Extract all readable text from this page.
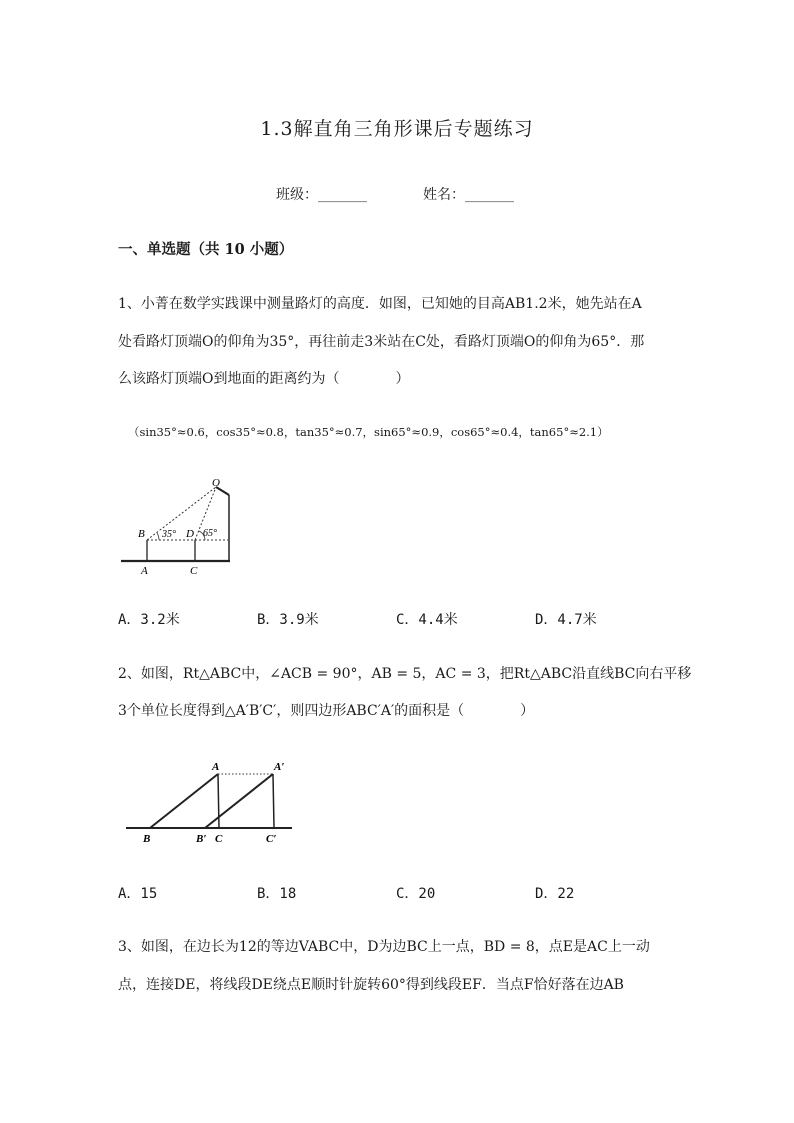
1.3解直角三角形课后专题练习
班级：_______	姓名：_______
一、单选题（共 10 小题）
1、小菁在数学实践课中测量路灯的高度．如图，已知她的目高AB1.2米，她先站在A
处看路灯顶端O的仰角为35°，再往前走3米站在C处，看路灯顶端O的仰角为65°．那
么该路灯顶端O到地面的距离约为（　　　　）
（sin35°≈0.6，cos35°≈0.8，tan35°≈0.7，sin65°≈0.9，cos65°≈0.4，tan65°≈2.1）
O
B	D
A	C
35°	65°
A．3.2米	B．3.9米	C．4.4米	D．4.7米
2、如图，Rt△ABC中，∠ACB = 90°，AB = 5，AC = 3，把Rt△ABC沿直线BC向右平移
3个单位长度得到△A′B′C′，则四边形ABC′A′的面积是（　　　　）
A	A′
B	B′ C	C′
A．15	B．18	C．20	D．22
3、如图，在边长为12的等边VABC中，D为边BC上一点，BD = 8，点E是AC上一动
点，连接DE，将线段DE绕点E顺时针旋转60°得到线段EF．当点F恰好落在边AB
